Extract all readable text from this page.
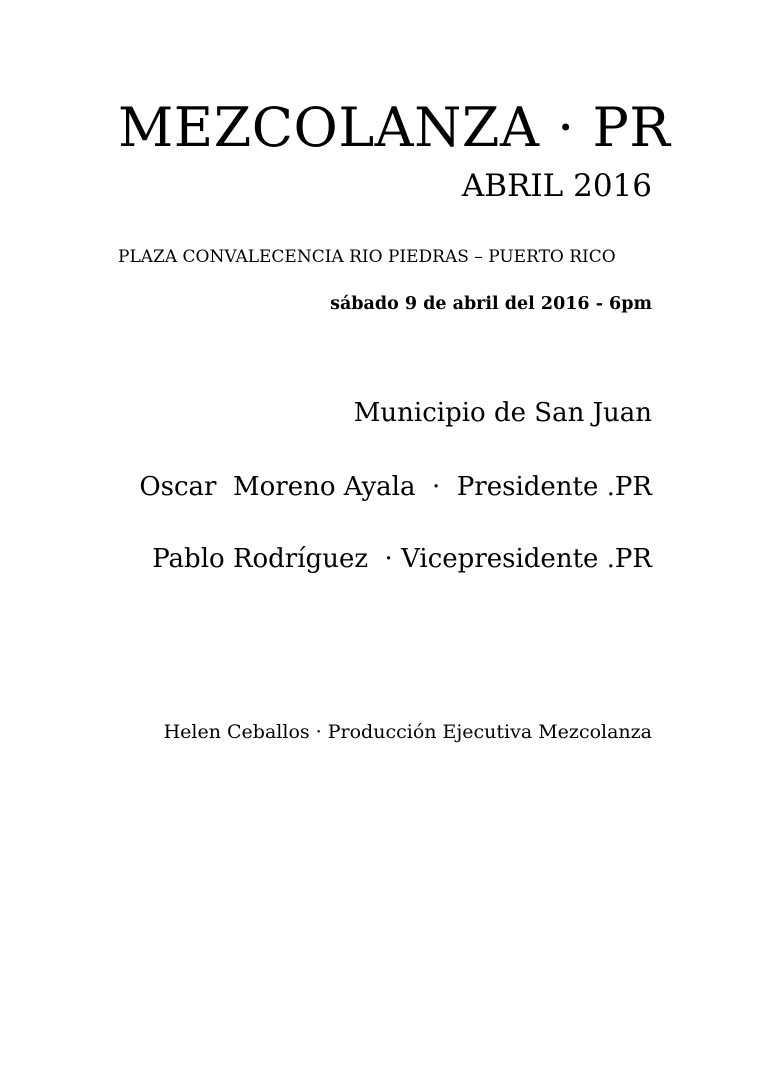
MEZCOLANZA · PR
ABRIL 2016
PLAZA CONVALECENCIA RIO PIEDRAS – PUERTO RICO
sábado 9 de abril del 2016 - 6pm
Municipio de San Juan
Oscar  Moreno Ayala  ·  Presidente .PR
Pablo Rodríguez  · Vicepresidente .PR
Helen Ceballos · Producción Ejecutiva Mezcolanza
